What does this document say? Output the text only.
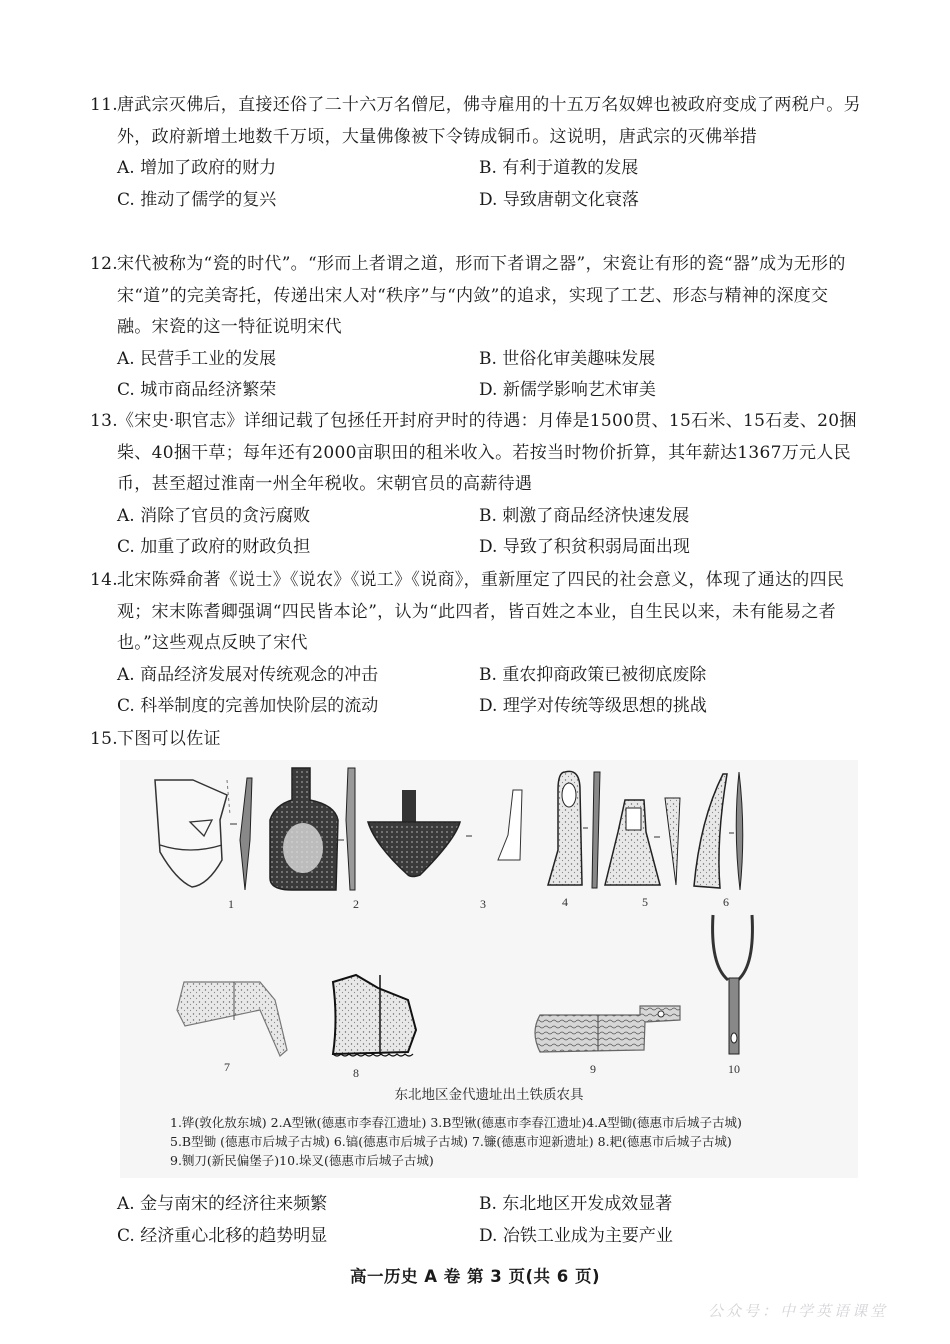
11.唐武宗灭佛后，直接还俗了二十六万名僧尼，佛寺雇用的十五万名奴婢也被政府变成了两税户。另外，政府新增土地数千万顷，大量佛像被下令铸成铜币。这说明，唐武宗的灭佛举措

A. 增加了政府的财力	B. 有利于道教的发展
C. 推动了儒学的复兴	D. 导致唐朝文化衰落

12.宋代被称为“瓷的时代”。“形而上者谓之道，形而下者谓之器”，宋瓷让有形的瓷“器”成为无形的宋“道”的完美寄托，传递出宋人对“秩序”与“内敛”的追求，实现了工艺、形态与精神的深度交融。宋瓷的这一特征说明宋代

A. 民营手工业的发展	B. 世俗化审美趣味发展
C. 城市商品经济繁荣	D. 新儒学影响艺术审美

13.《宋史·职官志》详细记载了包拯任开封府尹时的待遇：月俸是1500贯、15石米、15石麦、20捆柴、40捆干草；每年还有2000亩职田的租米收入。若按当时物价折算，其年薪达1367万元人民币，甚至超过淮南一州全年税收。宋朝官员的高薪待遇

A. 消除了官员的贪污腐败	B. 刺激了商品经济快速发展
C. 加重了政府的财政负担	D. 导致了积贫积弱局面出现

14.北宋陈舜俞著《说士》《说农》《说工》《说商》，重新厘定了四民的社会意义，体现了通达的四民观；宋末陈耆卿强调“四民皆本论”，认为“此四者，皆百姓之本业，自生民以来，未有能易之者也。”这些观点反映了宋代

A. 商品经济发展对传统观念的冲击	B. 重农抑商政策已被彻底废除
C. 科举制度的完善加快阶层的流动	D. 理学对传统等级思想的挑战

15.下图可以佐证

1	2	3	4	5	6
7	8	9	10
东北地区金代遗址出土铁质农具
1.铧(敦化敖东城) 2.A型锹(德惠市李春江遗址) 3.B型锹(德惠市李春江遗址)4.A型锄(德惠市后城子古城)
5.B型锄 (德惠市后城子古城) 6.镐(德惠市后城子古城) 7.镰(德惠市迎新遗址) 8.耙(德惠市后城子古城)
9.铡刀(新民偏堡子)10.垛叉(德惠市后城子古城)
A. 金与南宋的经济往来频繁	B. 东北地区开发成效显著
C. 经济重心北移的趋势明显	D. 冶铁工业成为主要产业
高一历史 A 卷 第 3 页(共 6 页)
公众号：中学英语课堂
